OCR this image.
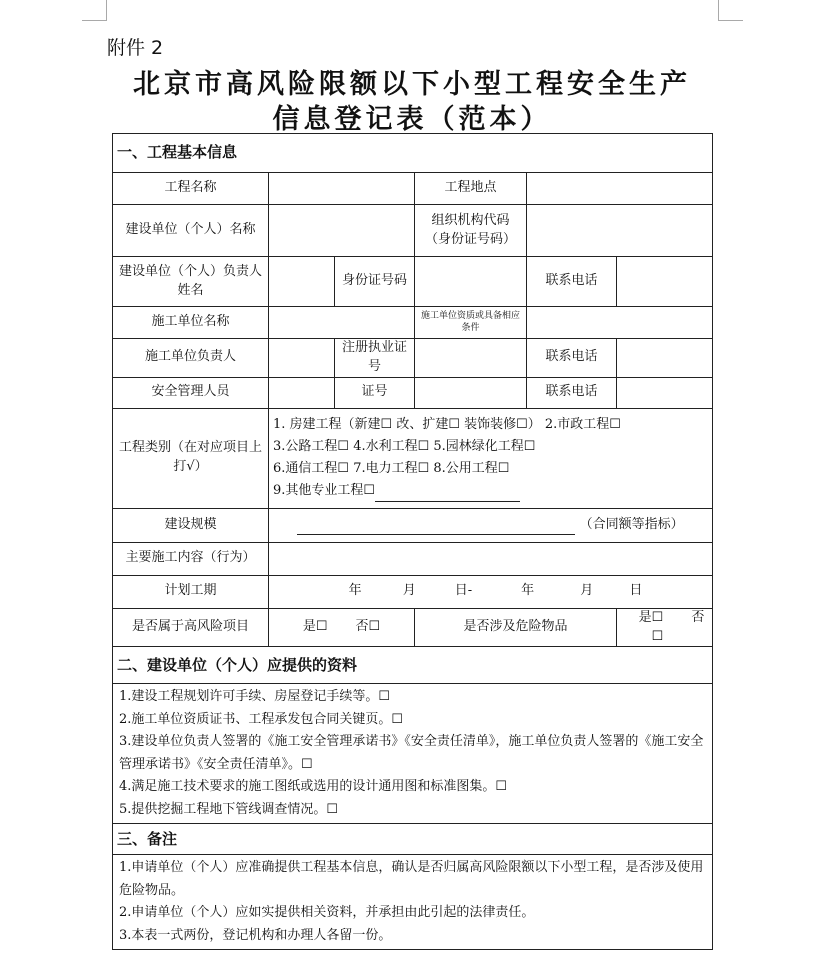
附件 2
北京市高风险限额以下小型工程安全生产
信息登记表（范本）
一、工程基本信息					
工程名称			工程地点		
建设单位（个人）名称			组织机构代码（身份证号码）		
建设单位（个人）负责人姓名		身份证号码		联系电话	
施工单位名称			施工单位资质或具备相应条件		
施工单位负责人		注册执业证号		联系电话	
安全管理人员		证号		联系电话	
工程类别（在对应项目上打√）	1. 房建工程（新建☐ 改、扩建☐ 装饰装修☐） 2.市政工程☐
3.公路工程☐ 4.水利工程☐ 5.园林绿化工程☐
6.通信工程☐ 7.电力工程☐ 8.公用工程☐
9.其他专业工程☐				

建设规模	（合同额等指标）				
主要施工内容（行为）					
计划工期	年 月 日- 年 月 日				
是否属于高风险项目	是☐ 否☐		是否涉及危险物品		是☐ 否☐
二、建设单位（个人）应提供的资料					

1.建设工程规划许可手续、房屋登记手续等。☐

2.施工单位资质证书、工程承发包合同关键页。☐

3.建设单位负责人签署的《施工安全管理承诺书》《安全责任清单》，施工单位负责人签署的《施工安全管理承诺书》《安全责任清单》。☐

4.满足施工技术要求的施工图纸或选用的设计通用图和标准图集。☐

5.提供挖掘工程地下管线调查情况。☐					

三、备注					

1.申请单位（个人）应准确提供工程基本信息，确认是否归属高风险限额以下小型工程，是否涉及使用危险物品。

2.申请单位（个人）应如实提供相关资料，并承担由此引起的法律责任。

3.本表一式两份，登记机构和办理人各留一份。					
